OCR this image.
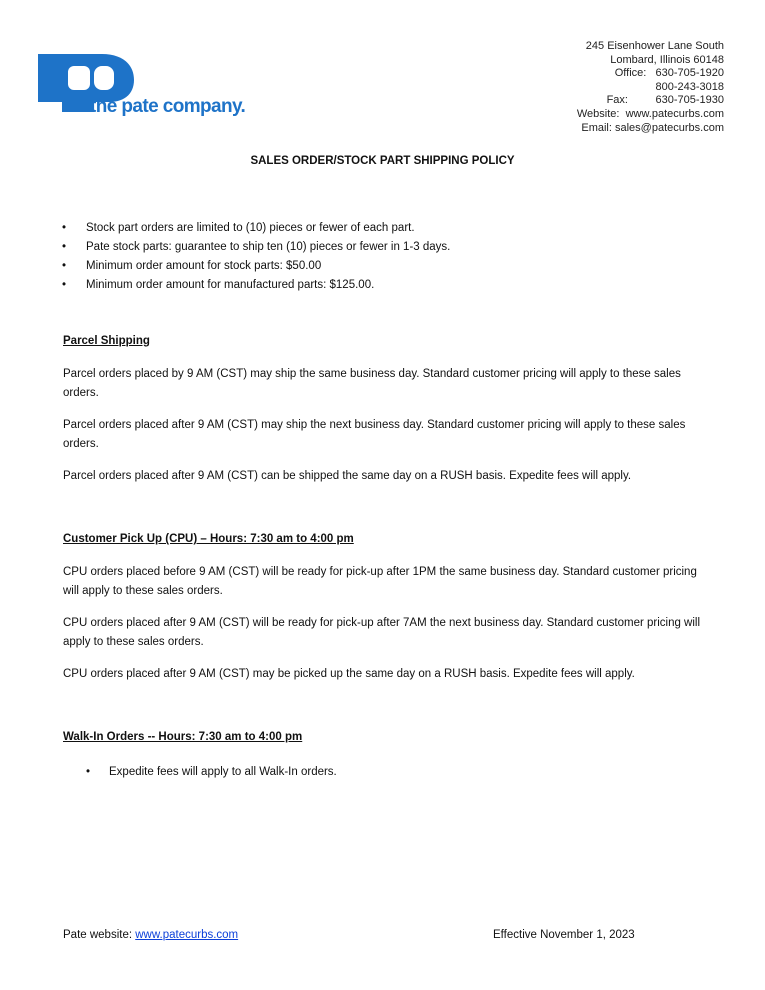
the pate company.
245 Eisenhower Lane South
Lombard, Illinois 60148
Office: 630-705-1920
800-243-3018
Fax:	630-705-1930
Website: www.patecurbs.com
Email: sales@patecurbs.com
SALES ORDER/STOCK PART SHIPPING POLICY
• Stock part orders are limited to (10) pieces or fewer of each part.
• Pate stock parts: guarantee to ship ten (10) pieces or fewer in 1-3 days.
• Minimum order amount for stock parts: $50.00
• Minimum order amount for manufactured parts: $125.00.
Parcel Shipping
Parcel orders placed by 9 AM (CST) may ship the same business day. Standard customer pricing will apply to these sales orders.
Parcel orders placed after 9 AM (CST) may ship the next business day. Standard customer pricing will apply to these sales orders.
Parcel orders placed after 9 AM (CST) can be shipped the same day on a RUSH basis. Expedite fees will apply.
Customer Pick Up (CPU) – Hours: 7:30 am to 4:00 pm
CPU orders placed before 9 AM (CST) will be ready for pick-up after 1PM the same business day. Standard customer pricing will apply to these sales orders.
CPU orders placed after 9 AM (CST) will be ready for pick-up after 7AM the next business day. Standard customer pricing will apply to these sales orders.
CPU orders placed after 9 AM (CST) may be picked up the same day on a RUSH basis. Expedite fees will apply.
Walk-In Orders -- Hours: 7:30 am to 4:00 pm
• Expedite fees will apply to all Walk-In orders.
Pate website: www.patecurbs.com	Effective November 1, 2023
